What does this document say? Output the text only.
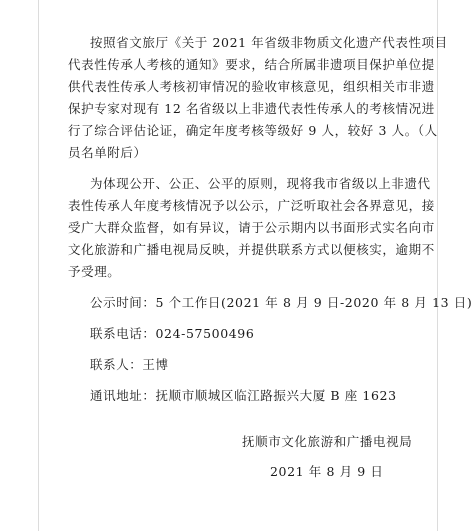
按照省文旅厅《关于 2021 年省级非物质文化遗产代表性项目
代表性传承人考核的通知》要求，结合所属非遗项目保护单位提
供代表性传承人考核初审情况的验收审核意见，组织相关市非遗
保护专家对现有 12 名省级以上非遗代表性传承人的考核情况进
行了综合评估论证，确定年度考核等级好 9 人，较好 3 人。（人
员名单附后）
为体现公开、公正、公平的原则，现将我市省级以上非遗代
表性传承人年度考核情况予以公示，广泛听取社会各界意见，接
受广大群众监督，如有异议，请于公示期内以书面形式实名向市
文化旅游和广播电视局反映，并提供联系方式以便核实，逾期不
予受理。
公示时间：5 个工作日(2021 年 8 月 9 日-2020 年 8 月 13 日)
联系电话：024-57500496
联系人：王博
通讯地址：抚顺市顺城区临江路振兴大厦 B 座 1623
抚顺市文化旅游和广播电视局
2021 年 8 月 9 日
